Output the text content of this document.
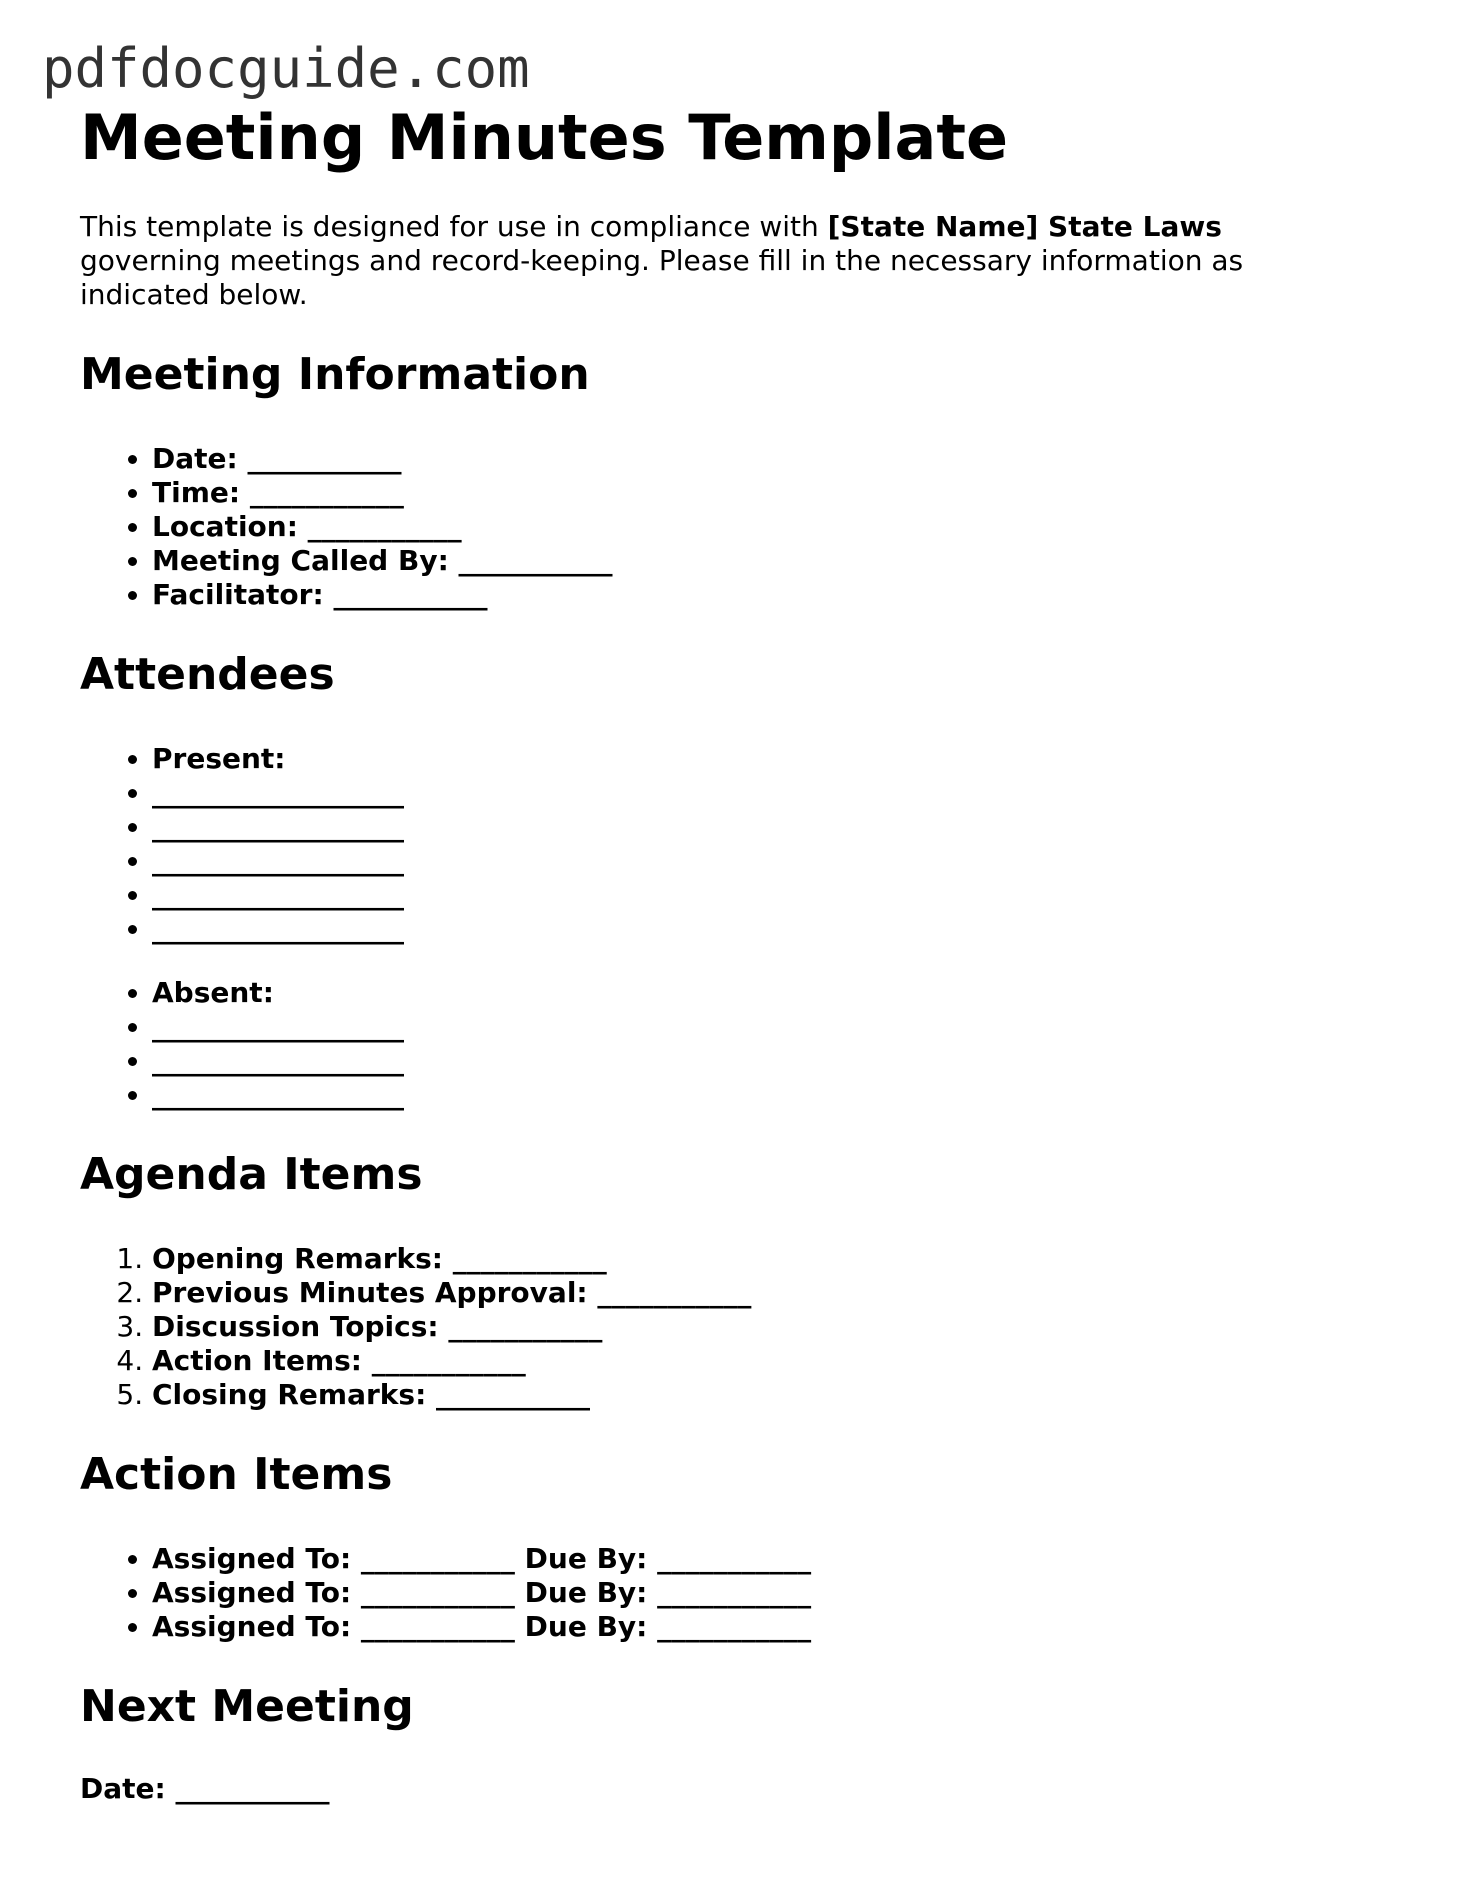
pdfdocguide.com
Meeting Minutes Template

This template is designed for use in compliance with [State Name] State Laws governing meetings and record-keeping. Please fill in the necessary information as indicated below.

Meeting Information
• Date: ___________
• Time: ___________
• Location: ___________
• Meeting Called By: ___________
• Facilitator: ___________
Attendees
• Present:
• __________________
• __________________
• __________________
• __________________
• __________________
• Absent:
• __________________
• __________________
• __________________
Agenda Items
1. Opening Remarks: ___________
2. Previous Minutes Approval: ___________
3. Discussion Topics: ___________
4. Action Items: ___________
5. Closing Remarks: ___________
Action Items
• Assigned To: ___________ Due By: ___________
• Assigned To: ___________ Due By: ___________
• Assigned To: ___________ Due By: ___________
Next Meeting
Date: ___________
